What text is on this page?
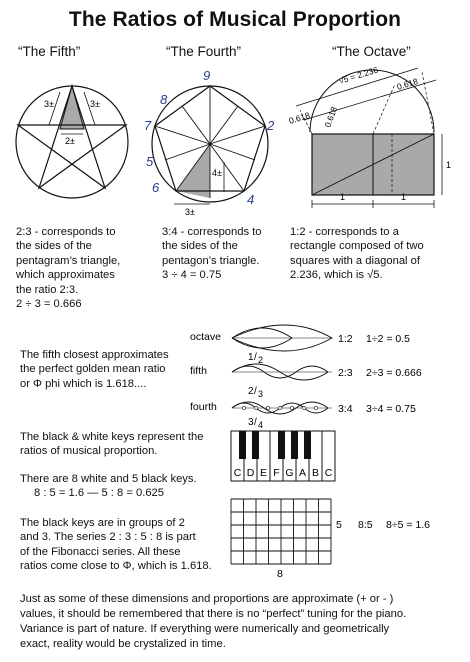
The Ratios of Musical Proportion
“The Fifth”	“The Fourth”	“The Octave”
3±	3±
2±
4±
3±
9
2
7
4
6
8
5
√5 = 2.236
0.618
0.618
0.618
1
1	1
2:3 - corresponds to
the sides of the
pentagram’s triangle,
which approximates
the ratio 2:3.
2 ÷ 3 = 0.666
3:4 - corresponds to
the sides of the
pentagon’s triangle.
3 ÷ 4 = 0.75
1:2 - corresponds to a
rectangle composed of two
squares with a diagonal of
2.236, which is √5.
octave
1 / 2
1:2 1÷2 = 0.5
fifth
2 / 3
2:3 2÷3 = 0.666
fourth
3 / 4
3:4 3÷4 = 0.75
The fifth closest approximates
the perfect golden mean ratio
or Φ phi which is 1.618....
The black & white keys represent the
ratios of musical proportion.
There are 8 white and 5 black keys.
8 : 5 = 1.6 — 5 : 8 = 0.625
The black keys are in groups of 2
and 3. The series 2 : 3 : 5 : 8 is part
of the Fibonacci series. All these
ratios come close to Φ, which is 1.618.
C D E F G A B C
5 8:5 8÷5 = 1.6
8
Just as some of these dimensions and proportions are approximate (+ or - )
values, it should be remembered that there is no “perfect” tuning for the piano.
Variance is part of nature. If everything were numerically and geometrically
exact, reality would be crystalized in time.
